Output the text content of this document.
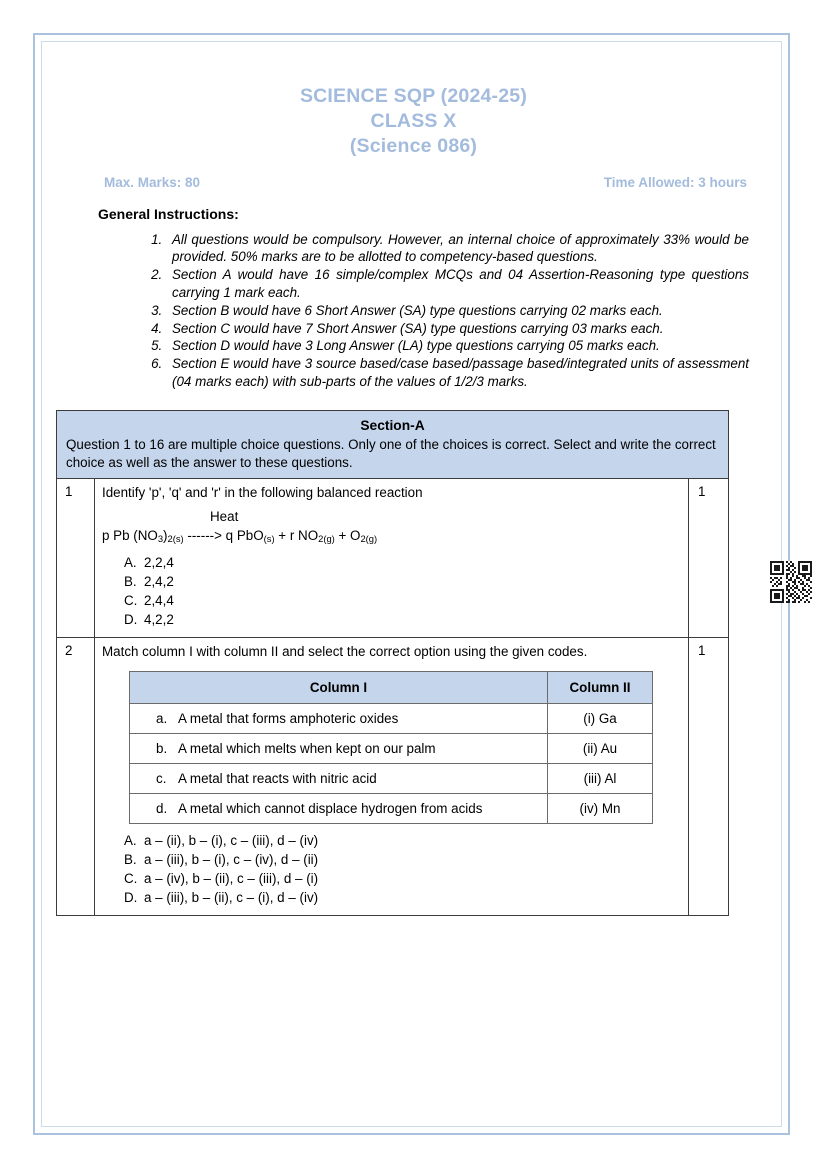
SCIENCE SQP (2024-25)
CLASS X
(Science 086)
Max. Marks: 80	Time Allowed: 3 hours
General Instructions:
1. All questions would be compulsory. However, an internal choice of approximately 33% would be provided. 50% marks are to be allotted to competency-based questions.
2. Section A would have 16 simple/complex MCQs and 04 Assertion-Reasoning type questions carrying 1 mark each.
3. Section B would have 6 Short Answer (SA) type questions carrying 02 marks each.
4. Section C would have 7 Short Answer (SA) type questions carrying 03 marks each.
5. Section D would have 3 Long Answer (LA) type questions carrying 05 marks each.
6. Section E would have 3 source based/case based/passage based/integrated units of assessment (04 marks each) with sub-parts of the values of 1/2/3 marks.
Section-A
Question 1 to 16 are multiple choice questions. Only one of the choices is correct. Select and write the correct choice as well as the answer to these questions.

1	Identify 'p', 'q' and 'r' in the following balanced reaction
Heat
p Pb $(NO_3)_{2(s)}$ ------> q PbO$_{(s)}$ + r $NO_{2(g)} + O_{2(g)}$
A. 2,2,4
B. 2,4,2
C. 2,4,4
D. 4,2,2
	1
2	Match column I with column II and select the correct option using the given codes.
Column I	Column II
a. A metal that forms amphoteric oxides	(i) Ga
b. A metal which melts when kept on our palm	(ii) Au
c. A metal that reacts with nitric acid	(iii) Al
d. A metal which cannot displace hydrogen from acids	(iv) Mn
A. a – (ii), b – (i), c – (iii), d – (iv)
B. a – (iii), b – (i), c – (iv), d – (ii)
C. a – (iv), b – (ii), c – (iii), d – (i)
D. a – (iii), b – (ii), c – (i), d – (iv)
	1
